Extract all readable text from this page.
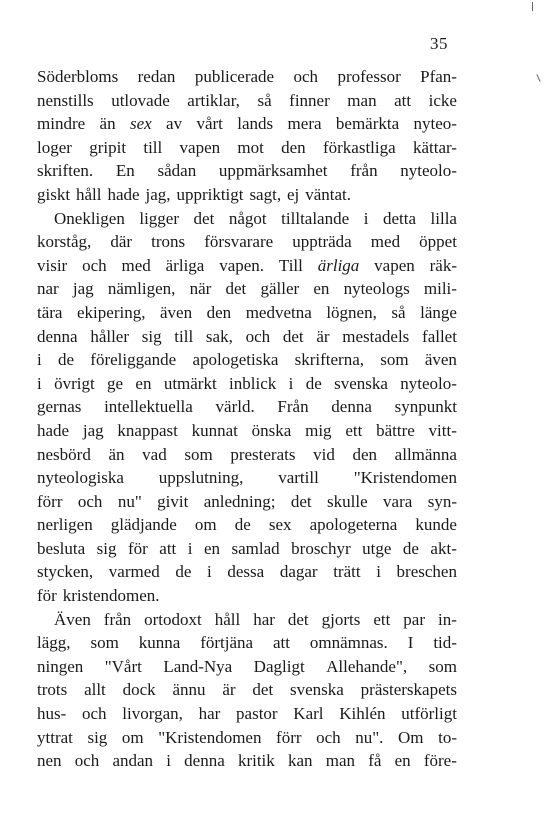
35
Söderbloms redan publicerade och professor Pfan-
nenstills utlovade artiklar, så finner man att icke
mindre än sex av vårt lands mera bemärkta nyteo-
loger gripit till vapen mot den förkastliga kättar-
skriften. En sådan uppmärksamhet från nyteolo-
giskt håll hade jag, uppriktigt sagt, ej väntat.
Onekligen ligger det något tilltalande i detta lilla
korståg, där trons försvarare uppträda med öppet
visir och med ärliga vapen. Till ärliga vapen räk-
nar jag nämligen, när det gäller en nyteologs mili-
tära ekipering, även den medvetna lögnen, så länge
denna håller sig till sak, och det är mestadels fallet
i de föreliggande apologetiska skrifterna, som även
i övrigt ge en utmärkt inblick i de svenska nyteolo-
gernas intellektuella värld. Från denna synpunkt
hade jag knappast kunnat önska mig ett bättre vitt-
nesbörd än vad som presterats vid den allmänna
nyteologiska uppslutning, vartill "Kristendomen
förr och nu" givit anledning; det skulle vara syn-
nerligen glädjande om de sex apologeterna kunde
besluta sig för att i en samlad broschyr utge de akt-
stycken, varmed de i dessa dagar trätt i breschen
för kristendomen.
Även från ortodoxt håll har det gjorts ett par in-
lägg, som kunna förtjäna att omnämnas. I tid-
ningen "Vårt Land-Nya Dagligt Allehande", som
trots allt dock ännu är det svenska prästerskapets
hus- och livorgan, har pastor Karl Kihlén utförligt
yttrat sig om "Kristendomen förr och nu". Om to-
nen och andan i denna kritik kan man få en före-
